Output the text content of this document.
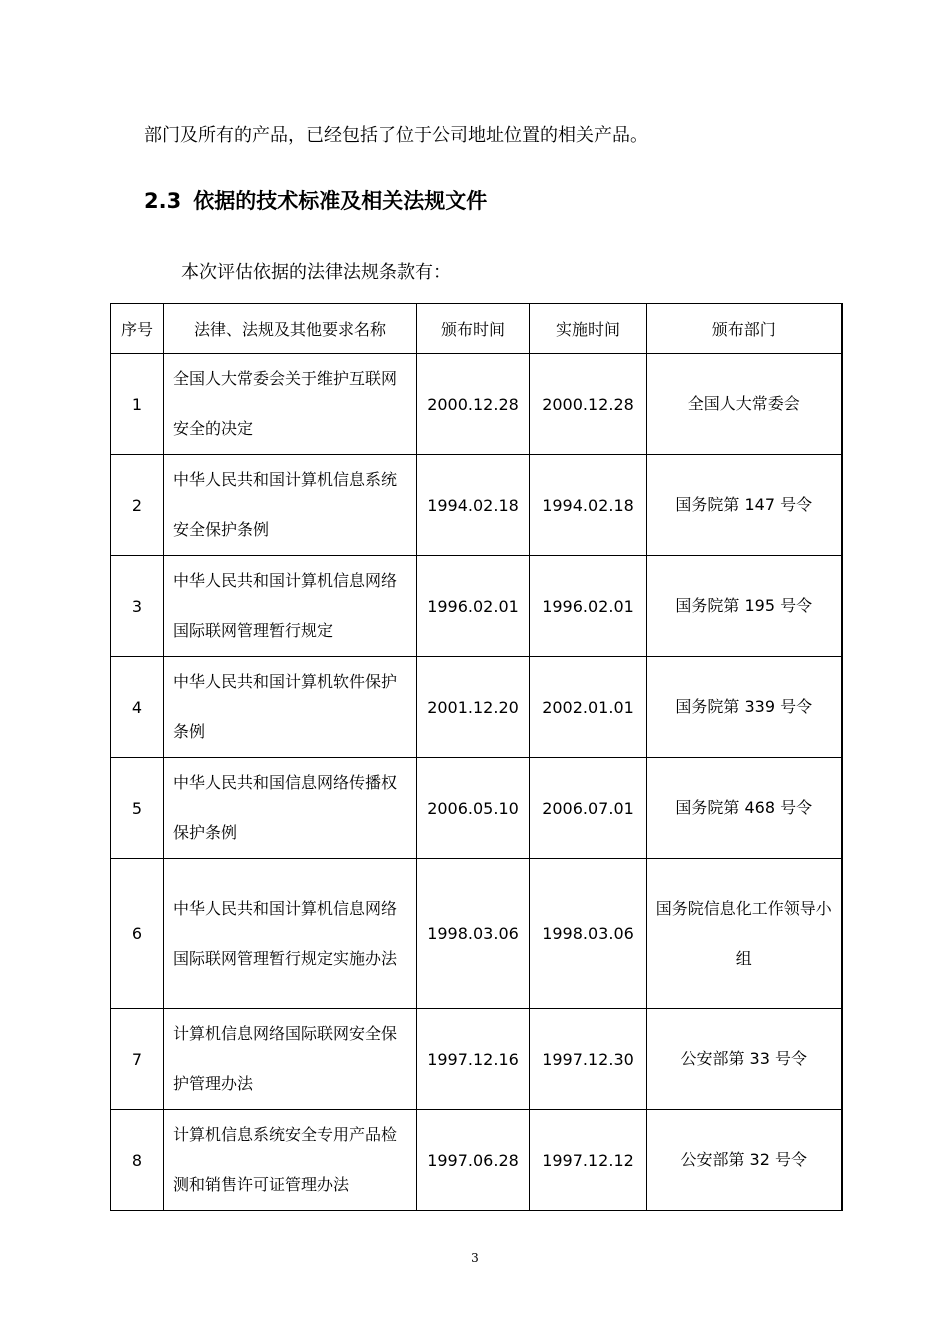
部门及所有的产品，已经包括了位于公司地址位置的相关产品。
2.3 依据的技术标准及相关法规文件
本次评估依据的法律法规条款有：
序号	法律、法规及其他要求名称	颁布时间	实施时间	颁布部门
1	全国人大常委会关于维护互联网安全的决定	2000.12.28	2000.12.28	全国人大常委会
2	中华人民共和国计算机信息系统安全保护条例	1994.02.18	1994.02.18	国务院第 147 号令
3	中华人民共和国计算机信息网络国际联网管理暂行规定	1996.02.01	1996.02.01	国务院第 195 号令
4	中华人民共和国计算机软件保护条例	2001.12.20	2002.01.01	国务院第 339 号令
5	中华人民共和国信息网络传播权保护条例	2006.05.10	2006.07.01	国务院第 468 号令
6	中华人民共和国计算机信息网络国际联网管理暂行规定实施办法	1998.03.06	1998.03.06	国务院信息化工作领导小组
7	计算机信息网络国际联网安全保护管理办法	1997.12.16	1997.12.30	公安部第 33 号令
8	计算机信息系统安全专用产品检测和销售许可证管理办法	1997.06.28	1997.12.12	公安部第 32 号令
3
